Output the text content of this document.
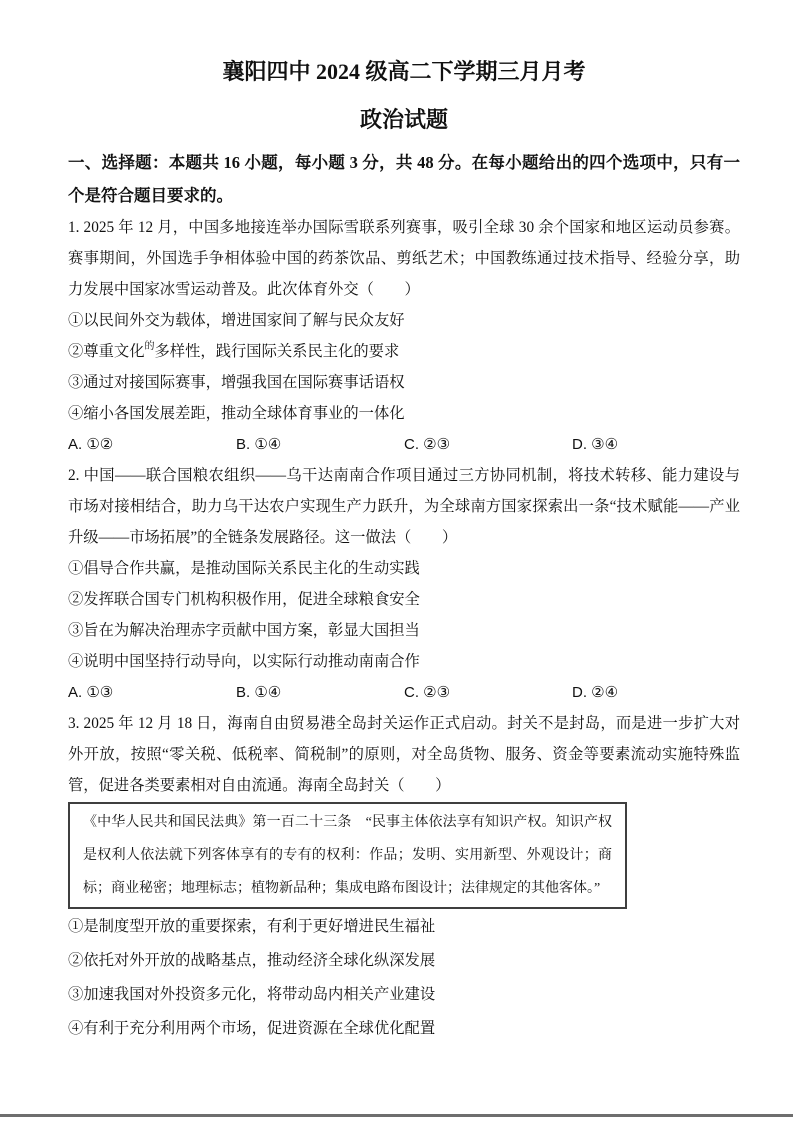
襄阳四中 2024 级高二下学期三月月考
政治试题
一、选择题：本题共 16 小题，每小题 3 分，共 48 分。在每小题给出的四个选项中，只有一个是符合题目要求的。
1. 2025 年 12 月，中国多地接连举办国际雪联系列赛事，吸引全球 30 余个国家和地区运动员参赛。赛事期间，外国选手争相体验中国的药茶饮品、剪纸艺术；中国教练通过技术指导、经验分享，助力发展中国家冰雪运动普及。此次体育外交（　　）
①以民间外交为载体，增进国家间了解与民众友好
②尊重文化$^的$多样性，践行国际关系民主化的要求
③通过对接国际赛事，增强我国在国际赛事话语权
④缩小各国发展差距，推动全球体育事业的一体化
A. ①②	B. ①④	C. ②③	D. ③④
2. 中国——联合国粮农组织——乌干达南南合作项目通过三方协同机制，将技术转移、能力建设与市场对接相结合，助力乌干达农户实现生产力跃升，为全球南方国家探索出一条“技术赋能——产业升级——市场拓展”的全链条发展路径。这一做法（　　）
①倡导合作共赢，是推动国际关系民主化的生动实践
②发挥联合国专门机构积极作用，促进全球粮食安全
③旨在为解决治理赤字贡献中国方案，彰显大国担当
④说明中国坚持行动导向，以实际行动推动南南合作
A. ①③	B. ①④	C. ②③	D. ②④
3. 2025 年 12 月 18 日，海南自由贸易港全岛封关运作正式启动。封关不是封岛，而是进一步扩大对外开放，按照“零关税、低税率、简税制”的原则，对全岛货物、服务、资金等要素流动实施特殊监管，促进各类要素相对自由流通。海南全岛封关（　　）
《中华人民共和国民法典》第一百二十三条　“民事主体依法享有知识产权。知识产权是权利人依法就下列客体享有的专有的权利：作品；发明、实用新型、外观设计；商标；商业秘密；地理标志；植物新品种；集成电路布图设计；法律规定的其他客体。”
①是制度型开放的重要探索，有利于更好增进民生福祉
②依托对外开放的战略基点，推动经济全球化纵深发展
③加速我国对外投资多元化，将带动岛内相关产业建设
④有利于充分利用两个市场，促进资源在全球优化配置
